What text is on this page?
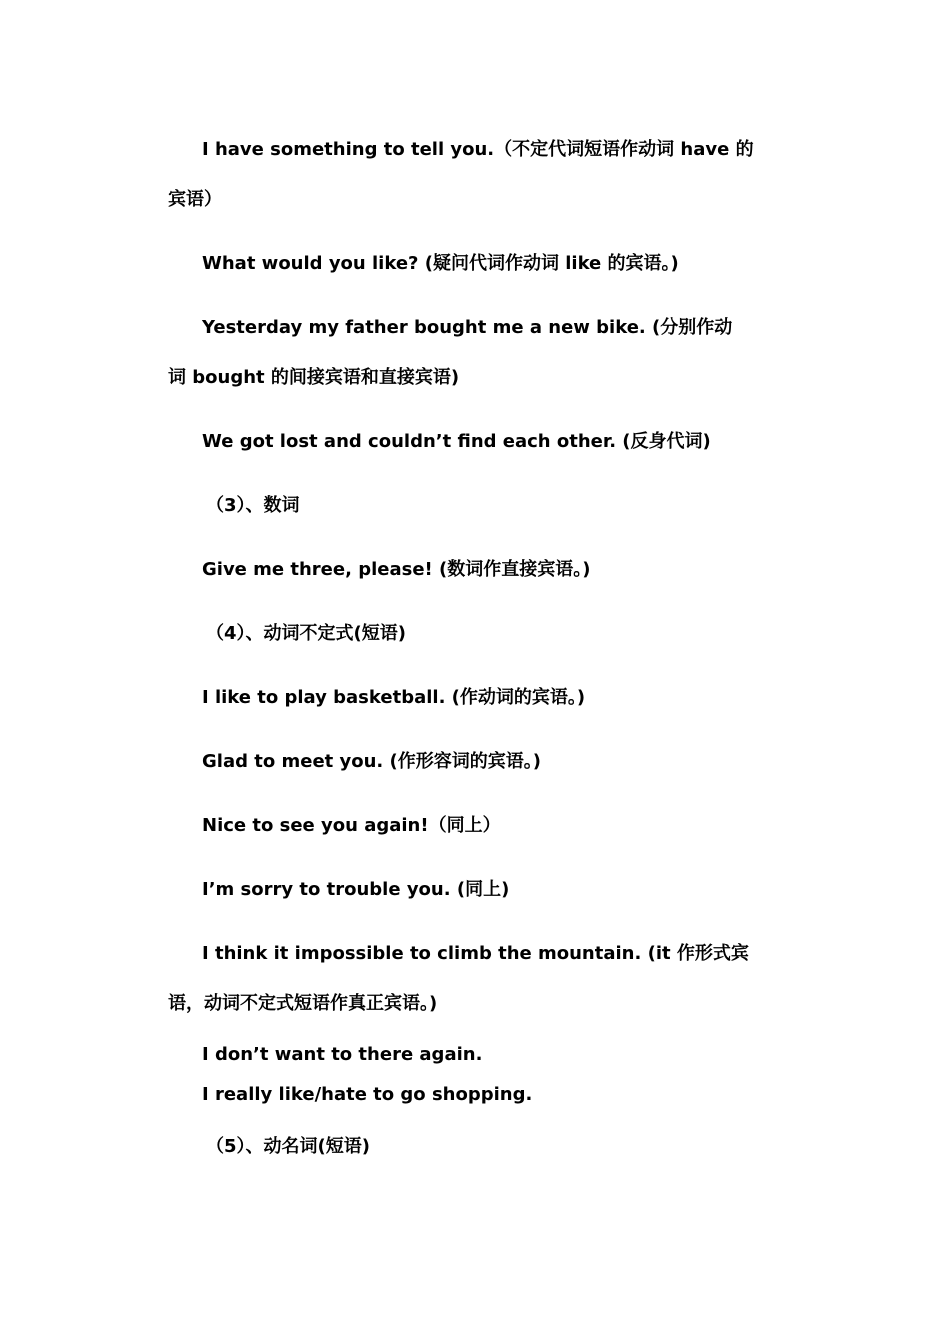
I have something to tell you.（不定代词短语作动词 have 的
宾语）
What would you like? (疑问代词作动词 like 的宾语。)
Yesterday my father bought me a new bike. (分别作动
词 bought 的间接宾语和直接宾语)
We got lost and couldn’t find each other. (反身代词)
（3）、数词
Give me three, please! (数词作直接宾语。)
（4）、动词不定式(短语)
I like to play basketball. (作动词的宾语。)
Glad to meet you. (作形容词的宾语。)
Nice to see you again!（同上）
I’m sorry to trouble you. (同上)
I think it impossible to climb the mountain. (it 作形式宾
语，动词不定式短语作真正宾语。)
I don’t want to there again.
I really like/hate to go shopping.
（5）、动名词(短语)
